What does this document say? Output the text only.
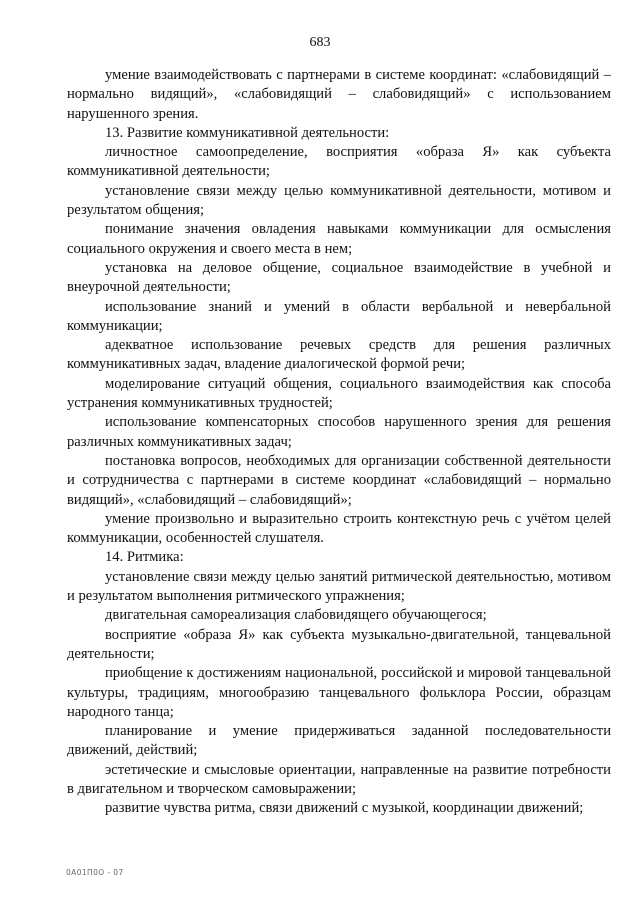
683

умение взаимодействовать с партнерами в системе координат: «слабовидящий – нормально видящий», «слабовидящий – слабовидящий» с использованием нарушенного зрения.

13. Развитие коммуникативной деятельности:

личностное самоопределение, восприятия «образа Я» как субъекта коммуникативной деятельности;

установление связи между целью коммуникативной деятельности, мотивом и результатом общения;

понимание значения овладения навыками коммуникации для осмысления социального окружения и своего места в нем;

установка на деловое общение, социальное взаимодействие в учебной и внеурочной деятельности;

использование знаний и умений в области вербальной и невербальной коммуникации;

адекватное использование речевых средств для решения различных коммуникативных задач, владение диалогической формой речи;

моделирование ситуаций общения, социального взаимодействия как способа устранения коммуникативных трудностей;

использование компенсаторных способов нарушенного зрения для решения различных коммуникативных задач;

постановка вопросов, необходимых для организации собственной деятельности и сотрудничества с партнерами в системе координат «слабовидящий – нормально видящий», «слабовидящий – слабовидящий»;

умение произвольно и выразительно строить контекстную речь с учётом целей коммуникации, особенностей слушателя.

14. Ритмика:

установление связи между целью занятий ритмической деятельностью, мотивом и результатом выполнения ритмического упражнения;

двигательная самореализация слабовидящего обучающегося;

восприятие «образа Я» как субъекта музыкально-двигательной, танцевальной деятельности;

приобщение к достижениям национальной, российской и мировой танцевальной культуры, традициям, многообразию танцевального фольклора России, образцам народного танца;

планирование и умение придерживаться заданной последовательности движений, действий;

эстетические и смысловые ориентации, направленные на развитие потребности в двигательном и творческом самовыражении;

развитие чувства ритма, связи движений с музыкой, координации движений;

0А01П0О - 07
